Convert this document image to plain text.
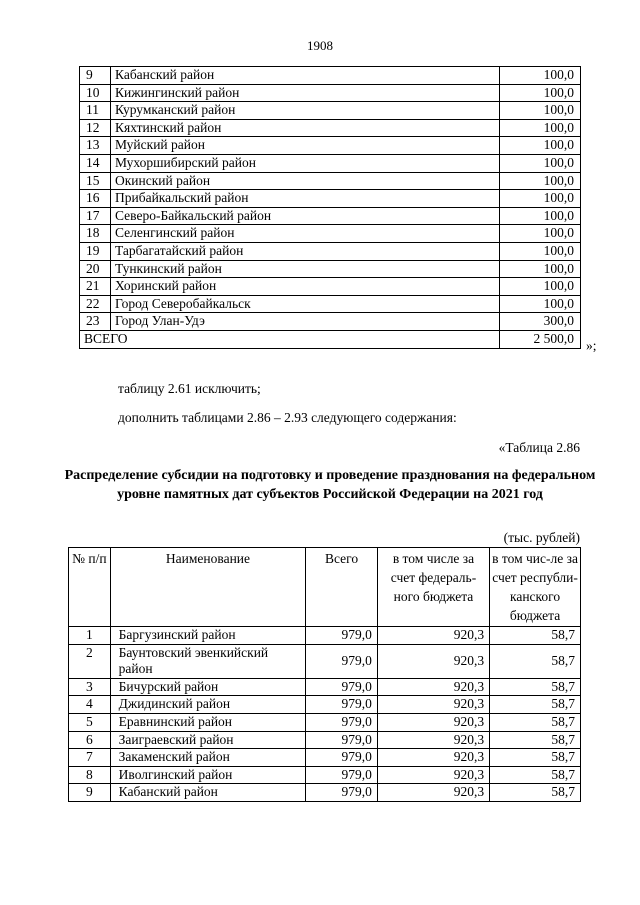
1908
9	Кабанский район	100,0
10	Кижингинский район	100,0
11	Курумканский район	100,0
12	Кяхтинский район	100,0
13	Муйский район	100,0
14	Мухоршибирский район	100,0
15	Окинский район	100,0
16	Прибайкальский район	100,0
17	Северо-Байкальский район	100,0
18	Селенгинский район	100,0
19	Тарбагатайский район	100,0
20	Тункинский район	100,0
21	Хоринский район	100,0
22	Город Северобайкальск	100,0
23	Город Улан-Удэ	300,0
ВСЕГО		2 500,0 »;
таблицу 2.61 исключить;
дополнить таблицами 2.86 – 2.93 следующего содержания:
«Таблица 2.86
Распределение субсидии на подготовку и проведение празднования на федеральном уровне памятных дат субъектов Российской Федерации на 2021 год
(тыс. рублей)
№ п/п	Наименование	Всего	в том числе за счет федераль-ного бюджета	в том чис-ле за счет республи-канского бюджета
1	Баргузинский район	979,0	920,3	58,7
2	Баунтовский эвенкийский район	979,0	920,3	58,7
3	Бичурский район	979,0	920,3	58,7
4	Джидинский район	979,0	920,3	58,7
5	Еравнинский район	979,0	920,3	58,7
6	Заиграевский район	979,0	920,3	58,7
7	Закаменский район	979,0	920,3	58,7
8	Иволгинский район	979,0	920,3	58,7
9	Кабанский район	979,0	920,3	58,7
